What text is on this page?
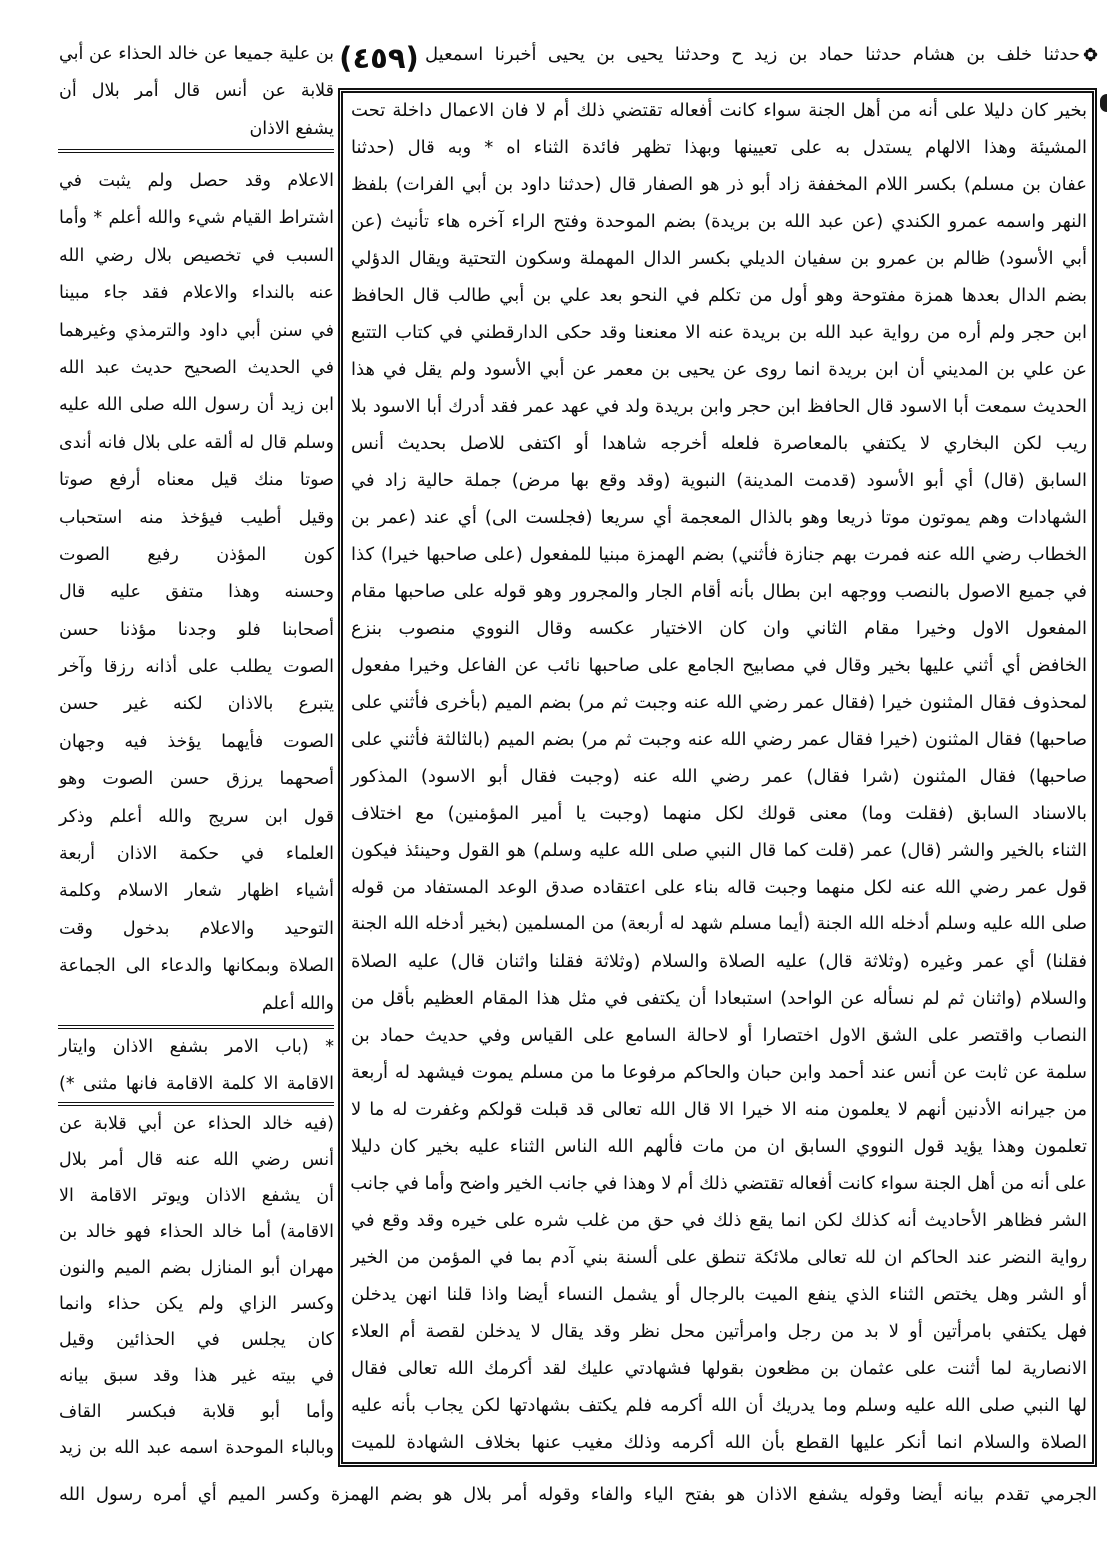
حدثنا خلف بن هشام حدثنا حماد بن زيد ح وحدثنا يحيى بن يحيى أخبرنا اسمعيل
(٤٥٩)
بن علية جميعا عن خالد الحذاء عن أبي
قلابة عن أنس قال أمر بلال أن
يشفع الاذان
الاعلام وقد حصل ولم يثبت في
اشتراط القيام شيء والله أعلم * وأما
السبب في تخصيص بلال رضي الله
عنه بالنداء والاعلام فقد جاء مبينا
في سنن أبي داود والترمذي وغيرهما
في الحديث الصحيح حديث عبد الله
ابن زيد أن رسول الله صلى الله عليه
وسلم قال له ألقه على بلال فانه أندى
صوتا منك قيل معناه أرفع صوتا
وقيل أطيب فيؤخذ منه استحباب
كون المؤذن رفيع الصوت
وحسنه وهذا متفق عليه قال
أصحابنا فلو وجدنا مؤذنا حسن
الصوت يطلب على أذانه رزقا وآخر
يتبرع بالاذان لكنه غير حسن
الصوت فأيهما يؤخذ فيه وجهان
أصحهما يرزق حسن الصوت وهو
قول ابن سريج والله أعلم وذكر
العلماء في حكمة الاذان أربعة
أشياء اظهار شعار الاسلام وكلمة
التوحيد والاعلام بدخول وقت
الصلاة وبمكانها والدعاء الى الجماعة
والله أعلم
* (باب الامر بشفع الاذان وايتار
الاقامة الا كلمة الاقامة فانها مثنى *)
(فيه خالد الحذاء عن أبي قلابة عن
أنس رضي الله عنه قال أمر بلال
أن يشفع الاذان ويوتر الاقامة الا
الاقامة) أما خالد الحذاء فهو خالد بن
مهران أبو المنازل بضم الميم والنون
وكسر الزاي ولم يكن حذاء وانما
كان يجلس في الحذائين وقيل
في بيته غير هذا وقد سبق بيانه
وأما أبو قلابة فبكسر القاف
وبالباء الموحدة اسمه عبد الله بن زيد
بخير كان دليلا على أنه من أهل الجنة سواء كانت أفعاله تقتضي ذلك أم لا فان الاعمال داخلة تحت
المشيئة وهذا الالهام يستدل به على تعيينها وبهذا تظهر فائدة الثناء اه * وبه قال (حدثنا
عفان بن مسلم) بكسر اللام المخففة زاد أبو ذر هو الصفار قال (حدثنا داود بن أبي الفرات) بلفظ
النهر واسمه عمرو الكندي (عن عبد الله بن بريدة) بضم الموحدة وفتح الراء آخره هاء تأنيث (عن
أبي الأسود) ظالم بن عمرو بن سفيان الديلي بكسر الدال المهملة وسكون التحتية ويقال الدؤلي
بضم الدال بعدها همزة مفتوحة وهو أول من تكلم في النحو بعد علي بن أبي طالب قال الحافظ
ابن حجر ولم أره من رواية عبد الله بن بريدة عنه الا معنعنا وقد حكى الدارقطني في كتاب التتبع
عن علي بن المديني أن ابن بريدة انما روى عن يحيى بن معمر عن أبي الأسود ولم يقل في هذا
الحديث سمعت أبا الاسود قال الحافظ ابن حجر وابن بريدة ولد في عهد عمر فقد أدرك أبا الاسود بلا
ريب لكن البخاري لا يكتفي بالمعاصرة فلعله أخرجه شاهدا أو اكتفى للاصل بحديث أنس
السابق (قال) أي أبو الأسود (قدمت المدينة) النبوية (وقد وقع بها مرض) جملة حالية زاد في
الشهادات وهم يموتون موتا ذريعا وهو بالذال المعجمة أي سريعا (فجلست الى) أي عند (عمر بن
الخطاب رضي الله عنه فمرت بهم جنازة فأثني) بضم الهمزة مبنيا للمفعول (على صاحبها خيرا) كذا
في جميع الاصول بالنصب ووجهه ابن بطال بأنه أقام الجار والمجرور وهو قوله على صاحبها مقام
المفعول الاول وخيرا مقام الثاني وان كان الاختيار عكسه وقال النووي منصوب بنزع
الخافض أي أثني عليها بخير وقال في مصابيح الجامع على صاحبها نائب عن الفاعل وخيرا مفعول
لمحذوف فقال المثنون خيرا (فقال عمر رضي الله عنه وجبت ثم مر) بضم الميم (بأخرى فأثني على
صاحبها) فقال المثنون (خيرا فقال عمر رضي الله عنه وجبت ثم مر) بضم الميم (بالثالثة فأثني على
صاحبها) فقال المثنون (شرا فقال) عمر رضي الله عنه (وجبت فقال أبو الاسود) المذكور
بالاسناد السابق (فقلت وما) معنى قولك لكل منهما (وجبت يا أمير المؤمنين) مع اختلاف
الثناء بالخير والشر (قال) عمر (قلت كما قال النبي صلى الله عليه وسلم) هو القول وحينئذ فيكون
قول عمر رضي الله عنه لكل منهما وجبت قاله بناء على اعتقاده صدق الوعد المستفاد من قوله
صلى الله عليه وسلم أدخله الله الجنة (أيما مسلم شهد له أربعة) من المسلمين (بخير أدخله الله الجنة
فقلنا) أي عمر وغيره (وثلاثة قال) عليه الصلاة والسلام (وثلاثة فقلنا واثنان قال) عليه الصلاة
والسلام (واثنان ثم لم نسأله عن الواحد) استبعادا أن يكتفى في مثل هذا المقام العظيم بأقل من
النصاب واقتصر على الشق الاول اختصارا أو لاحالة السامع على القياس وفي حديث حماد بن
سلمة عن ثابت عن أنس عند أحمد وابن حبان والحاكم مرفوعا ما من مسلم يموت فيشهد له أربعة
من جيرانه الأدنين أنهم لا يعلمون منه الا خيرا الا قال الله تعالى قد قبلت قولكم وغفرت له ما لا
تعلمون وهذا يؤيد قول النووي السابق ان من مات فألهم الله الناس الثناء عليه بخير كان دليلا
على أنه من أهل الجنة سواء كانت أفعاله تقتضي ذلك أم لا وهذا في جانب الخير واضح وأما في جانب
الشر فظاهر الأحاديث أنه كذلك لكن انما يقع ذلك في حق من غلب شره على خيره وقد وقع في
رواية النضر عند الحاكم ان لله تعالى ملائكة تنطق على ألسنة بني آدم بما في المؤمن من الخير
أو الشر وهل يختص الثناء الذي ينفع الميت بالرجال أو يشمل النساء أيضا واذا قلنا انهن يدخلن
فهل يكتفي بامرأتين أو لا بد من رجل وامرأتين محل نظر وقد يقال لا يدخلن لقصة أم العلاء
الانصارية لما أثنت على عثمان بن مظعون بقولها فشهادتي عليك لقد أكرمك الله تعالى فقال
لها النبي صلى الله عليه وسلم وما يدريك أن الله أكرمه فلم يكتف بشهادتها لكن يجاب بأنه عليه
الصلاة والسلام انما أنكر عليها القطع بأن الله أكرمه وذلك مغيب عنها بخلاف الشهادة للميت
الجرمي تقدم بيانه أيضا وقوله يشفع الاذان هو بفتح الياء والفاء وقوله أمر بلال هو بضم الهمزة وكسر الميم أي أمره رسول الله
